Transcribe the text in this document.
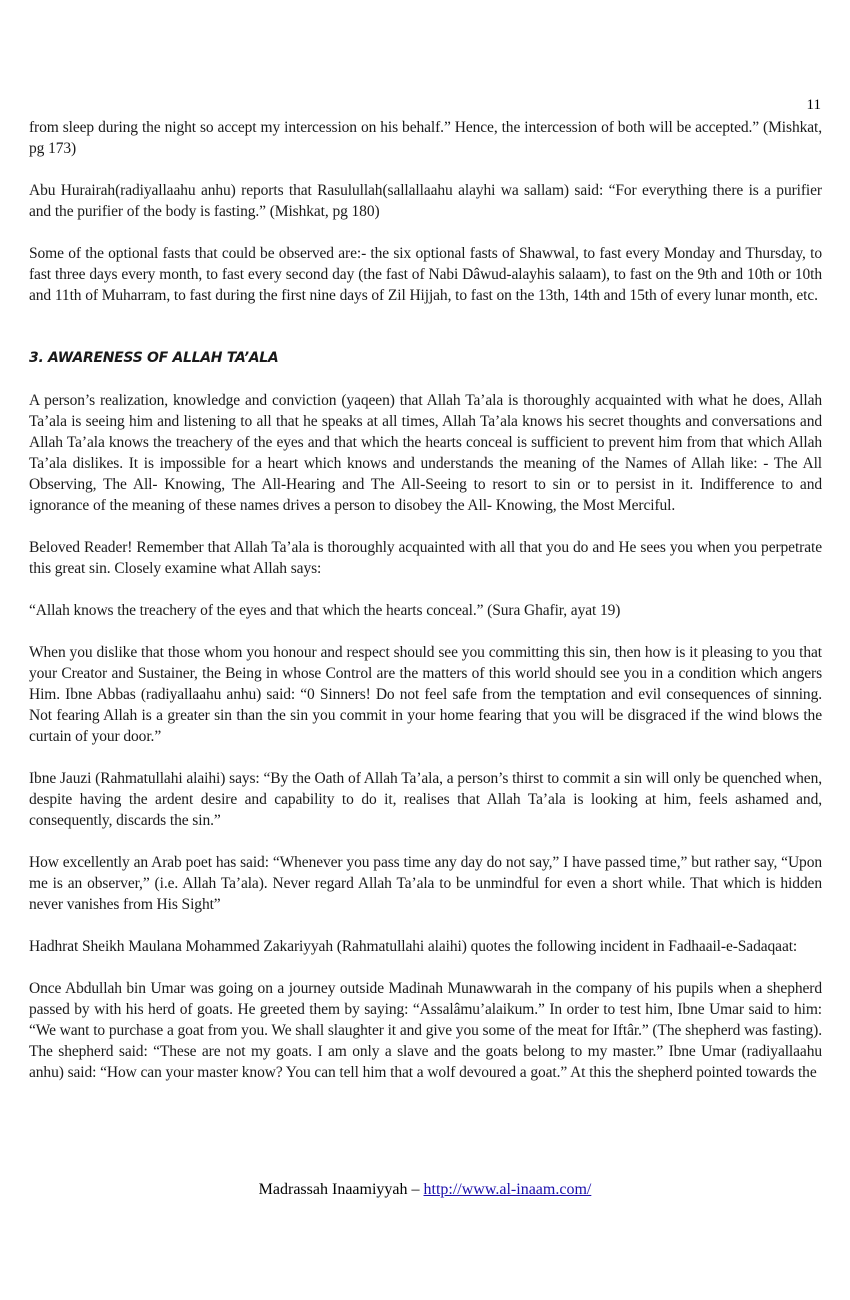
11

from sleep during the night so accept my intercession on his behalf.” Hence, the intercession of both will be accepted.” (Mishkat, pg 173)

Abu Hurairah(radiyallaahu anhu) reports that Rasulullah(sallallaahu alayhi wa sallam) said: “For everything there is a purifier and the purifier of the body is fasting.” (Mishkat, pg 180)

Some of the optional fasts that could be observed are:- the six optional fasts of Shawwal, to fast every Monday and Thursday, to fast three days every month, to fast every second day (the fast of Nabi Dâwud-alayhis salaam), to fast on the 9th and 10th or 10th and 11th of Muharram, to fast during the first nine days of Zil Hijjah, to fast on the 13th, 14th and 15th of every lunar month, etc.

3. AWARENESS OF ALLAH TA’ALA

A person’s realization, knowledge and conviction (yaqeen) that Allah Ta’ala is thoroughly acquainted with what he does, Allah Ta’ala is seeing him and listening to all that he speaks at all times, Allah Ta’ala knows his secret thoughts and conversations and Allah Ta’ala knows the treachery of the eyes and that which the hearts conceal is sufficient to prevent him from that which Allah Ta’ala dislikes. It is impossible for a heart which knows and understands the meaning of the Names of Allah like: - The All Observing, The All- Knowing, The All-Hearing and The All-Seeing to resort to sin or to persist in it. Indifference to and ignorance of the meaning of these names drives a person to disobey the All- Knowing, the Most Merciful.

Beloved Reader! Remember that Allah Ta’ala is thoroughly acquainted with all that you do and He sees you when you perpetrate this great sin. Closely examine what Allah says:

“Allah knows the treachery of the eyes and that which the hearts conceal.” (Sura Ghafir, ayat 19)

When you dislike that those whom you honour and respect should see you committing this sin, then how is it pleasing to you that your Creator and Sustainer, the Being in whose Control are the matters of this world should see you in a condition which angers Him. Ibne Abbas (radiyallaahu anhu) said: “0 Sinners! Do not feel safe from the temptation and evil consequences of sinning. Not fearing Allah is a greater sin than the sin you commit in your home fearing that you will be disgraced if the wind blows the curtain of your door.”

Ibne Jauzi (Rahmatullahi alaihi) says: “By the Oath of Allah Ta’ala, a person’s thirst to commit a sin will only be quenched when, despite having the ardent desire and capability to do it, realises that Allah Ta’ala is looking at him, feels ashamed and, consequently, discards the sin.”

How excellently an Arab poet has said: “Whenever you pass time any day do not say,” I have passed time,” but rather say, “Upon me is an observer,” (i.e. Allah Ta’ala). Never regard Allah Ta’ala to be unmindful for even a short while. That which is hidden never vanishes from His Sight”

Hadhrat Sheikh Maulana Mohammed Zakariyyah (Rahmatullahi alaihi) quotes the following incident in Fadhaail-e-Sadaqaat:

Once Abdullah bin Umar was going on a journey outside Madinah Munawwarah in the company of his pupils when a shepherd passed by with his herd of goats. He greeted them by saying: “Assalâmu’alaikum.” In order to test him, Ibne Umar said to him: “We want to purchase a goat from you. We shall slaughter it and give you some of the meat for Iftâr.” (The shepherd was fasting). The shepherd said: “These are not my goats. I am only a slave and the goats belong to my master.” Ibne Umar (radiyallaahu anhu) said: “How can your master know? You can tell him that a wolf devoured a goat.” At this the shepherd pointed towards the

Madrassah Inaamiyyah – http://www.al-inaam.com/
